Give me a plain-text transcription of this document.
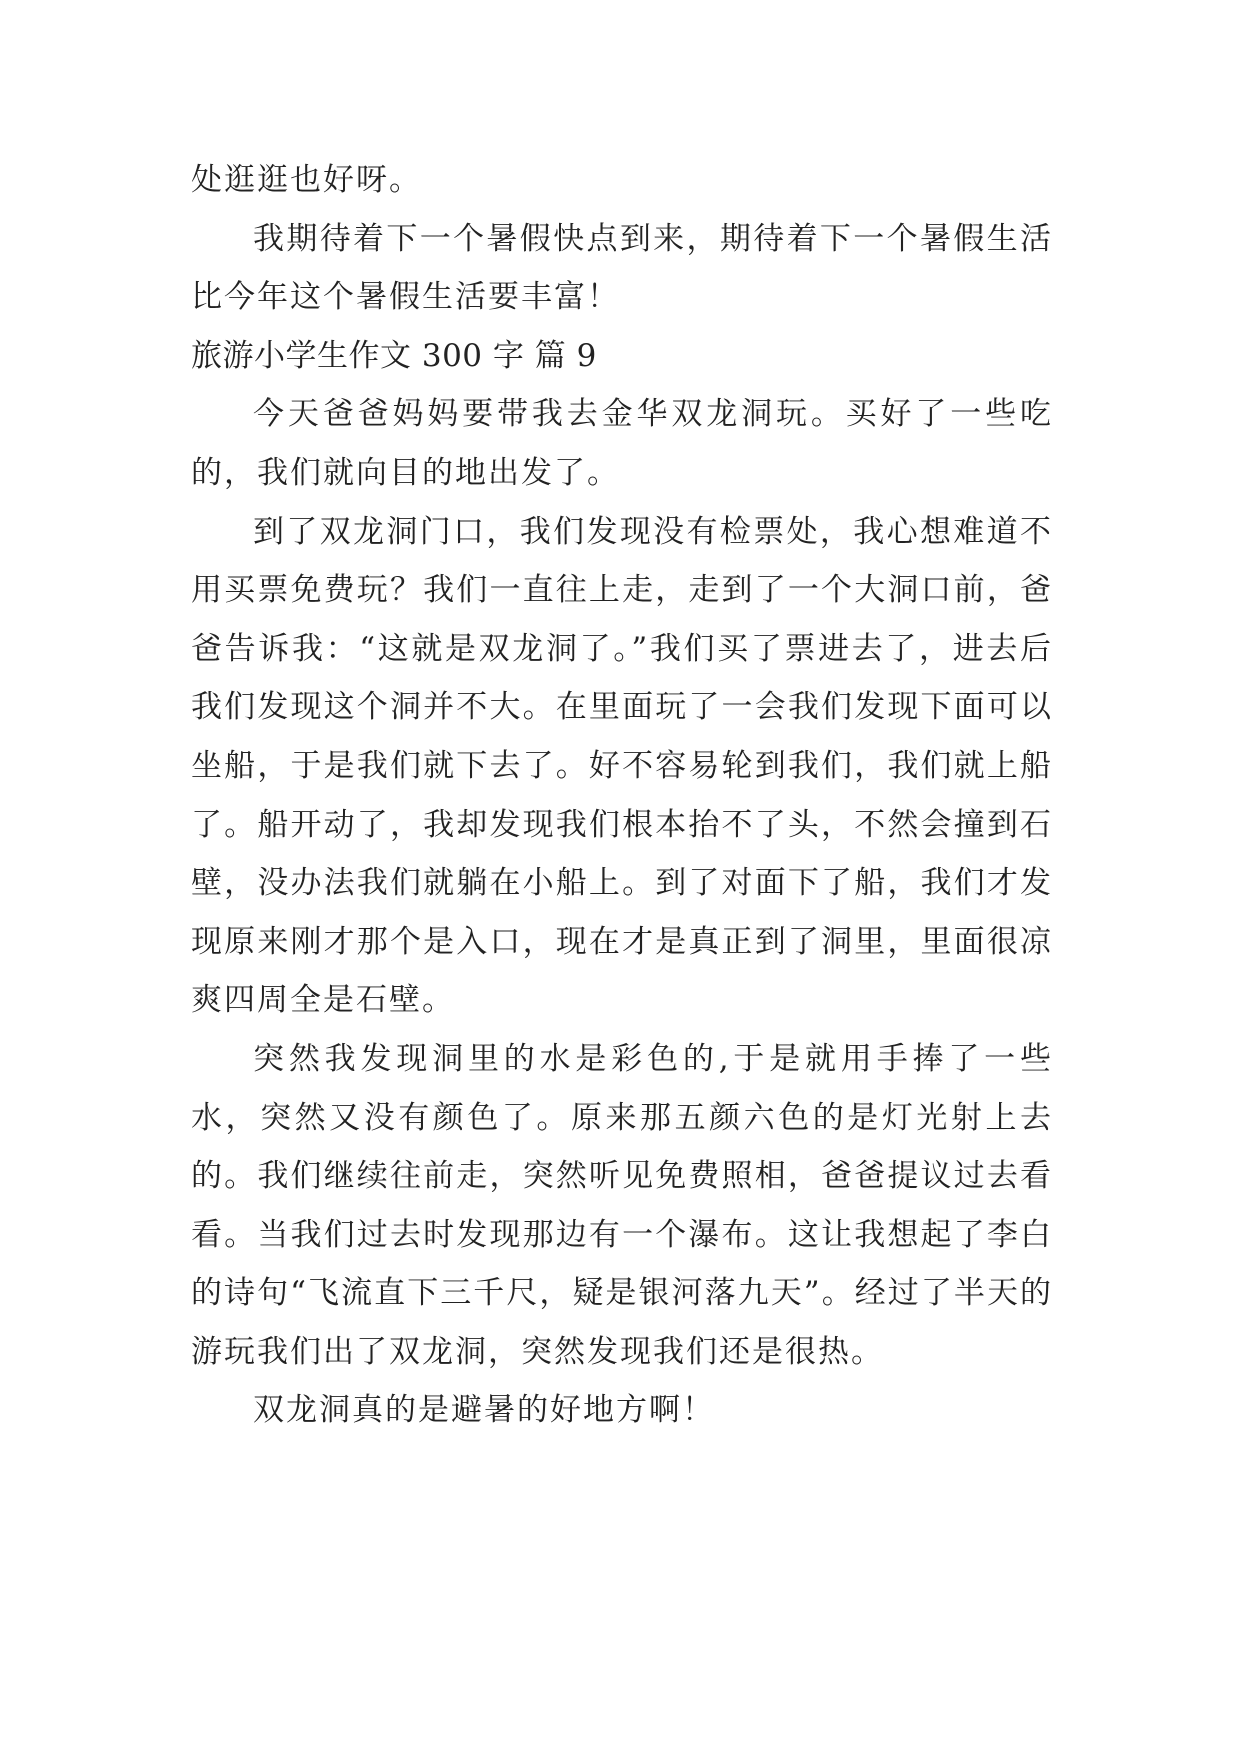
处逛逛也好呀。

我期待着下一个暑假快点到来，期待着下一个暑假生活比今年这个暑假生活要丰富！

旅游小学生作文 300 字 篇 9

今天爸爸妈妈要带我去金华双龙洞玩。买好了一些吃的，我们就向目的地出发了。

到了双龙洞门口，我们发现没有检票处，我心想难道不用买票免费玩？我们一直往上走，走到了一个大洞口前，爸爸告诉我：“这就是双龙洞了。”我们买了票进去了，进去后我们发现这个洞并不大。在里面玩了一会我们发现下面可以坐船，于是我们就下去了。好不容易轮到我们，我们就上船了。船开动了，我却发现我们根本抬不了头，不然会撞到石壁，没办法我们就躺在小船上。到了对面下了船，我们才发现原来刚才那个是入口，现在才是真正到了洞里，里面很凉爽四周全是石壁。

突然我发现洞里的水是彩色的,于是就用手捧了一些水，突然又没有颜色了。原来那五颜六色的是灯光射上去的。我们继续往前走，突然听见免费照相，爸爸提议过去看看。当我们过去时发现那边有一个瀑布。这让我想起了李白的诗句“飞流直下三千尺，疑是银河落九天”。经过了半天的游玩我们出了双龙洞，突然发现我们还是很热。

双龙洞真的是避暑的好地方啊！
